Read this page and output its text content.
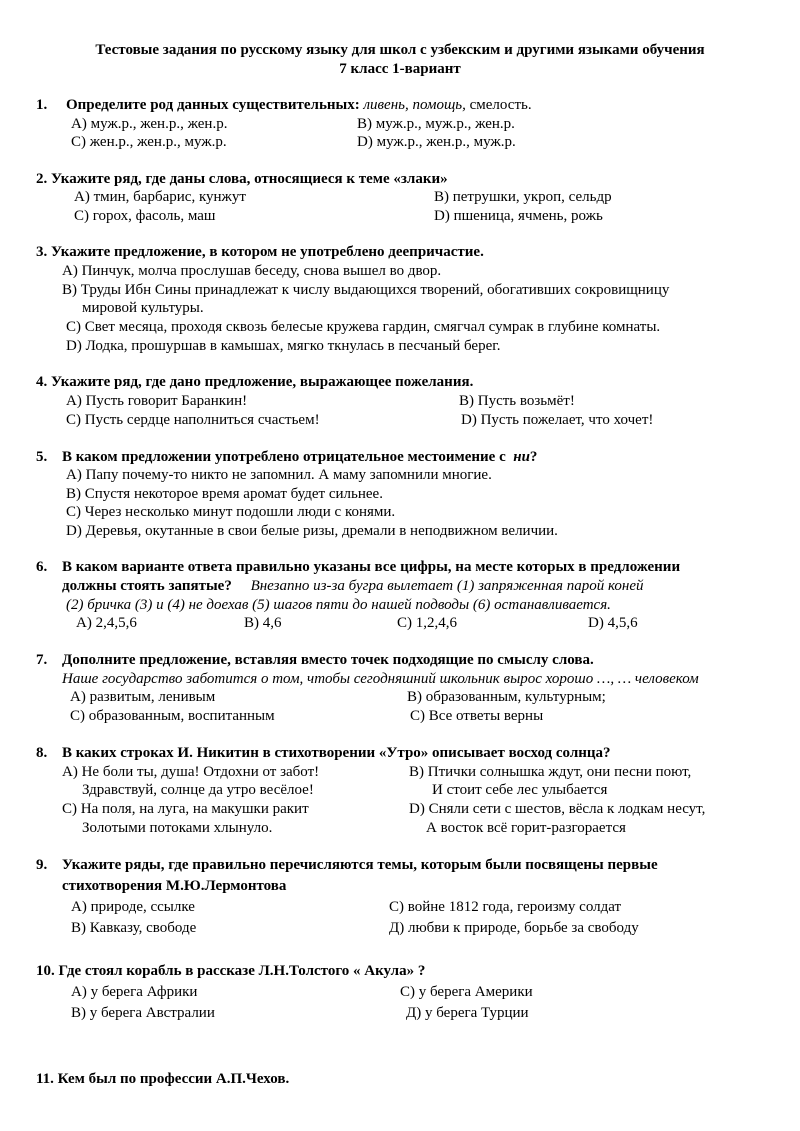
Тестовые задания по русскому языку для школ с узбекским и другими языками обучения
7 класс 1-вариант
1. Определите род данных существительных: ливень, помощь, смелость.
A) муж.р., жен.р., жен.р.	B) муж.р., муж.р., жен.р.
C) жен.р., жен.р., муж.р.	D) муж.р., жен.р., муж.р.
2. Укажите ряд, где даны слова, относящиеся к теме «злаки»
A) тмин, барбарис, кунжут	B) петрушки, укроп, сельдр
C) горох, фасоль, маш	D) пшеница, ячмень, рожь
3. Укажите предложение, в котором не употреблено деепричастие.
A) Пинчук, молча прослушав беседу, снова вышел во двор.
B) Труды Ибн Сины принадлежат к числу выдающихся творений, обогативших сокровищницу
мировой культуры.
C) Свет месяца, проходя сквозь белесые кружева гардин, смягчал сумрак в глубине комнаты.
D) Лодка, прошуршав в камышах, мягко ткнулась в песчаный берег.
4. Укажите ряд, где дано предложение, выражающее пожелания.
A) Пусть говорит Баранкин!	B) Пусть возьмёт!
C) Пусть сердце наполниться счастьем!	D) Пусть пожелает, что хочет!
5. В каком предложении употреблено отрицательное местоимение с ни?
A) Папу почему-то никто не запомнил. А маму запомнили многие.
B) Спустя некоторое время аромат будет сильнее.
C) Через несколько минут подошли люди с конями.
D) Деревья, окутанные в свои белые ризы, дремали в неподвижном величии.
6. В каком варианте ответа правильно указаны все цифры, на месте которых в предложении
должны стоять запятые? Внезапно из-за бугра вылетает (1) запряженная парой коней
(2) бричка (3) и (4) не доехав (5) шагов пяти до нашей подводы (6) останавливается.
A) 2,4,5,6	B) 4,6	C) 1,2,4,6	D) 4,5,6
7. Дополните предложение, вставляя вместо точек подходящие по смыслу слова.
Наше государство заботится о том, чтобы сегодняшний школьник вырос хорошо …, … человеком
A) развитым, ленивым	B) образованным, культурным;
C) образованным, воспитанным	C) Все ответы верны
8. В каких строках И. Никитин в стихотворении «Утро» описывает восход солнца?
A) Не боли ты, душа! Отдохни от забот!
Здравствуй, солнце да утро весёлое!
B) Птички солнышка ждут, они песни поют,
И стоит себе лес улыбается
C) На поля, на луга, на макушки ракит
Золотыми потоками хлынуло.
D) Сняли сети с шестов, вёсла к лодкам несут,
А восток всё горит-разгорается
9. Укажите ряды, где правильно перечисляются темы, которым были посвящены первые
стихотворения М.Ю.Лермонтова
A) природе, ссылке	C) войне 1812 года, героизму солдат
B) Кавказу, свободе	Д) любви к природе, борьбе за свободу
10. Где стоял корабль в рассказе Л.Н.Толстого « Акула» ?
A) у берега Африки	C) у берега Америки
B) у берега Австралии	Д) у берега Турции
11. Кем был по профессии А.П.Чехов.
